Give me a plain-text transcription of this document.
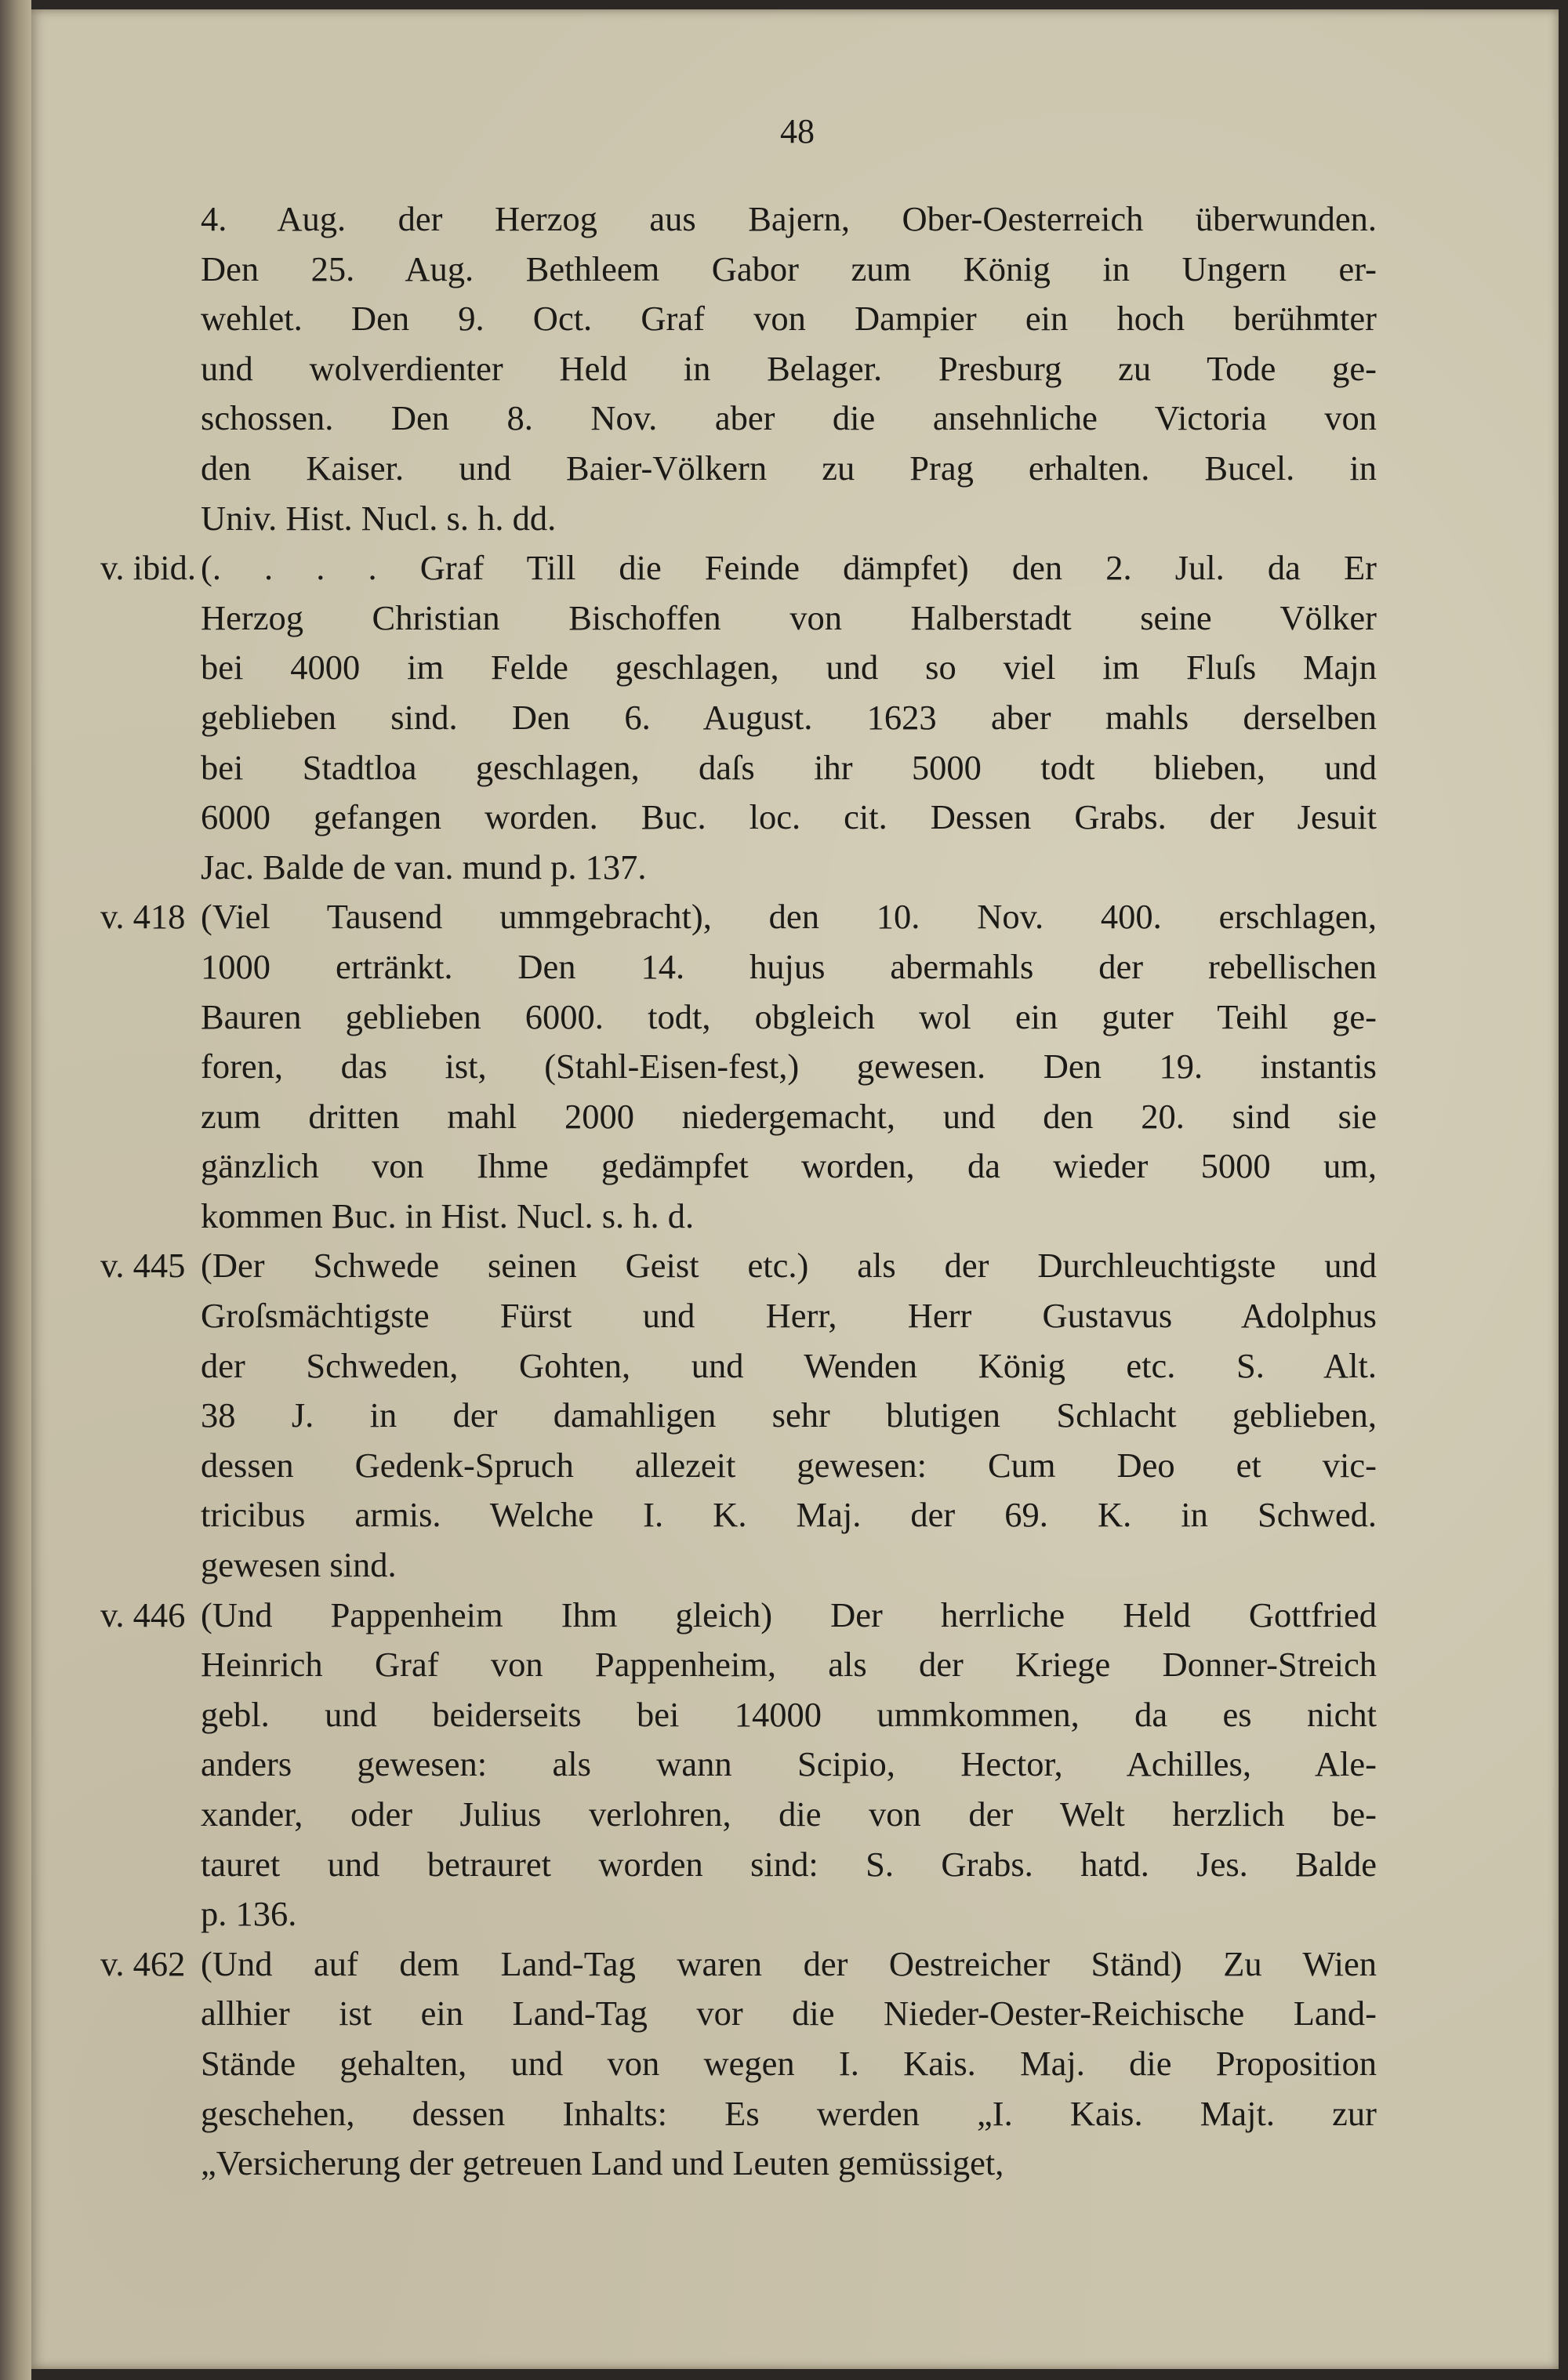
48
4. Aug. der Herzog aus Bajern, Ober-Oesterreich überwunden.
Den 25. Aug. Bethleem Gabor zum König in Ungern er-
wehlet. Den 9. Oct. Graf von Dampier ein hoch berühmter
und wolverdienter Held in Belager. Presburg zu Tode ge-
schossen. Den 8. Nov. aber die ansehnliche Victoria von
den Kaiser. und Baier-Völkern zu Prag erhalten. Bucel. in
Univ. Hist. Nucl. s. h. dd.
v. ibid. (. . . . Graf Till die Feinde dämpfet) den 2. Jul. da Er
Herzog Christian Bischoffen von Halberstadt seine Völker
bei 4000 im Felde geschlagen, und so viel im Fluſs Majn
geblieben sind. Den 6. August. 1623 aber mahls derselben
bei Stadtloa geschlagen, daſs ihr 5000 todt blieben, und
6000 gefangen worden. Buc. loc. cit. Dessen Grabs. der Jesuit
Jac. Balde de van. mund p. 137.
v. 418 (Viel Tausend ummgebracht), den 10. Nov. 400. erschlagen,
1000 ertränkt. Den 14. hujus abermahls der rebellischen
Bauren geblieben 6000. todt, obgleich wol ein guter Teihl ge-
foren, das ist, (Stahl-Eisen-fest,) gewesen. Den 19. instantis
zum dritten mahl 2000 niedergemacht, und den 20. sind sie
gänzlich von Ihme gedämpfet worden, da wieder 5000 um,
kommen Buc. in Hist. Nucl. s. h. d.
v. 445 (Der Schwede seinen Geist etc.) als der Durchleuchtigste und
Groſsmächtigste Fürst und Herr, Herr Gustavus Adolphus
der Schweden, Gohten, und Wenden König etc. S. Alt.
38 J. in der damahligen sehr blutigen Schlacht geblieben,
dessen Gedenk-Spruch allezeit gewesen: Cum Deo et vic-
tricibus armis. Welche I. K. Maj. der 69. K. in Schwed.
gewesen sind.
v. 446 (Und Pappenheim Ihm gleich) Der herrliche Held Gottfried
Heinrich Graf von Pappenheim, als der Kriege Donner-Streich
gebl. und beiderseits bei 14000 ummkommen, da es nicht
anders gewesen: als wann Scipio, Hector, Achilles, Ale-
xander, oder Julius verlohren, die von der Welt herzlich be-
tauret und betrauret worden sind: S. Grabs. hatd. Jes. Balde
p. 136.
v. 462 (Und auf dem Land-Tag waren der Oestreicher Ständ) Zu Wien
allhier ist ein Land-Tag vor die Nieder-Oester-Reichische Land-
Stände gehalten, und von wegen I. Kais. Maj. die Proposition
geschehen, dessen Inhalts: Es werden „I. Kais. Majt. zur
„Versicherung der getreuen Land und Leuten gemüssiget,
